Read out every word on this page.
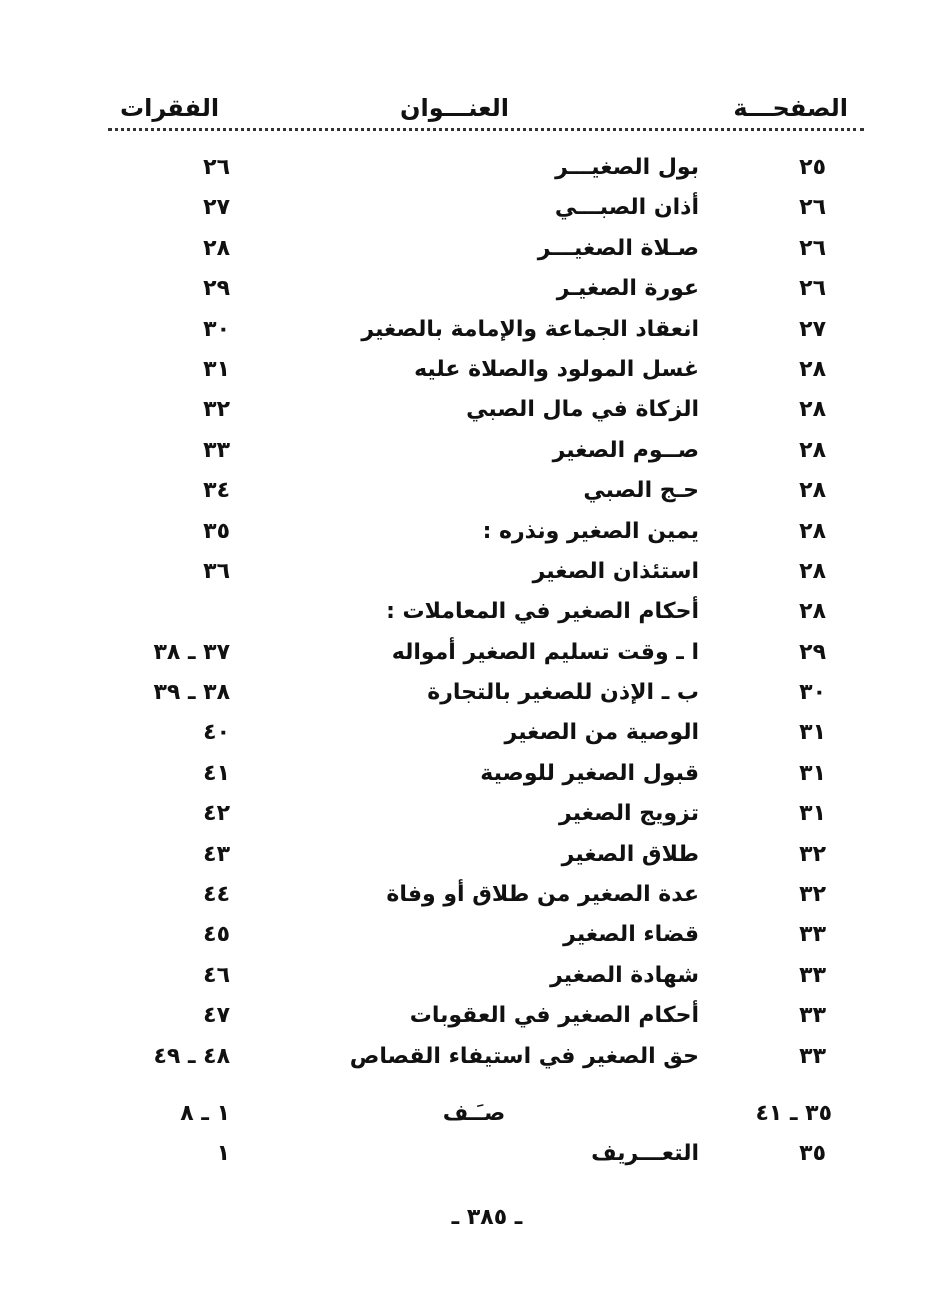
الصفحـــة
العنـــوان
الفقرات
٢٥
بول الصغيـــر
٢٦
٢٦
أذان الصبـــي
٢٧
٢٦
صـلاة الصغيـــر
٢٨
٢٦
عورة الصغيـر
٢٩
٢٧
انعقاد الجماعة والإمامة بالصغير
٣٠
٢٨
غسل المولود والصلاة عليه
٣١
٢٨
الزكاة في مال الصبي
٣٢
٢٨
صــوم الصغير
٣٣
٢٨
حـج الصبي
٣٤
٢٨
يمين الصغير ونذره :
٣٥
٢٨
استئذان الصغير
٣٦
٢٨
أحكام الصغير في المعاملات :
٢٩
ا ـ وقت تسليم الصغير أمواله
٣٧ ـ ٣٨
٣٠
ب ـ الإذن للصغير بالتجارة
٣٨ ـ ٣٩
٣١
الوصية من الصغير
٤٠
٣١
قبول الصغير للوصية
٤١
٣١
تزويج الصغير
٤٢
٣٢
طلاق الصغير
٤٣
٣٢
عدة الصغير من طلاق أو وفاة
٤٤
٣٣
قضاء الصغير
٤٥
٣٣
شهادة الصغير
٤٦
٣٣
أحكام الصغير في العقوبات
٤٧
٣٣
حق الصغير في استيفاء القصاص
٤٨ ـ ٤٩
٣٥ ـ ٤١
صـَـف
١ ـ ٨
٣٥
التعـــريف
١
ـ ٣٨٥ ـ
